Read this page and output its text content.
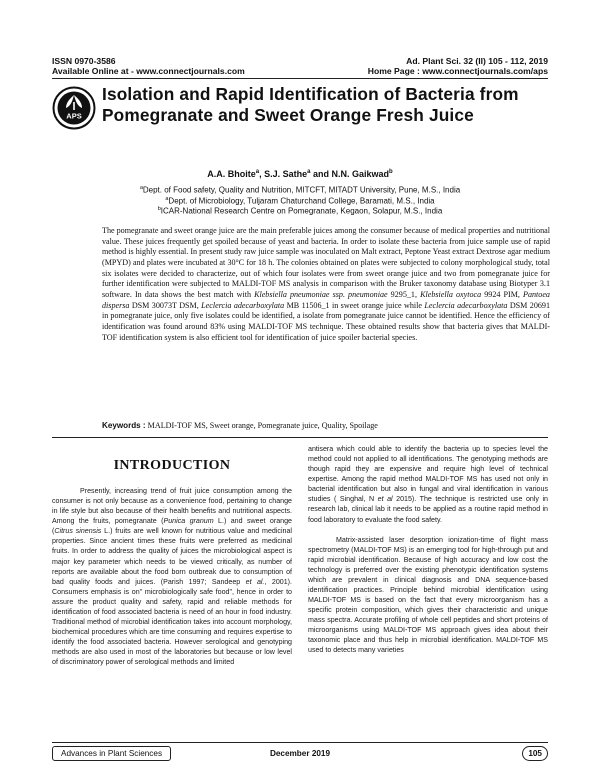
ISSN 0970-3586
Available Online at - www.connectjournals.com
Ad. Plant Sci. 32 (II) 105 - 112, 2019
Home Page : www.connectjournals.com/aps
APS
Isolation and Rapid Identification of Bacteria from Pomegranate and Sweet Orange Fresh Juice
A.A. Bhoite$^a$, S.J. Sathe$^a$ and N.N. Gaikwad$^b$
$^a$Dept. of Food safety, Quality and Nutrition, MITCFT, MITADT University, Pune, M.S., India
$^a$Dept. of Microbiology, Tuljaram Chaturchand College, Baramati, M.S., India
$^b$ICAR-National Research Centre on Pomegranate, Kegaon, Solapur, M.S., India
The pomegranate and sweet orange juice are the main preferable juices among the consumer because of medical properties and nutritional value. These juices frequently get spoiled because of yeast and bacteria. In order to isolate these bacteria from juice sample use of rapid method is highly essential. In present study raw juice sample was inoculated on Malt extract, Peptone Yeast extract Dextrose agar medium (MPYD) and plates were incubated at 30°C for 18 h. The colonies obtained on plates were subjected to colony morphological study, total six isolates were decided to characterize, out of which four isolates were from sweet orange juice and two from pomegranate juice for further identification were subjected to MALDI-TOF MS analysis in comparison with the Bruker taxonomy database using Biotyper 3.1 software. In data shows the best match with Klebsiella pneumoniae ssp. pneumoniae 9295_1, Klebsiella oxytoca 9924 PIM, Pantoea dispersa DSM 30073T DSM, Leclercia adecarboxylata MB 11506_1 in sweet orange juice while Leclercia adecarboxylata DSM 20691 in pomegranate juice, only five isolates could be identified, a isolate from pomegranate juice cannot be identified. Hence the efficiency of identification was found around 83% using MALDI-TOF MS technique. These obtained results show that bacteria gives that MALDI-TOF identification system is also efficient tool for identification of juice spoiler bacterial species.
Keywords : MALDI-TOF MS, Sweet orange, Pomegranate juice, Quality, Spoilage
INTRODUCTION

Presently, increasing trend of fruit juice consumption among the consumer is not only because as a convenience food, pertaining to change in life style but also because of their health benefits and nutritional aspects. Among the fruits, pomegranate (Punica granum L.) and sweet orange (Citrus sinensis L.) fruits are well known for nutritious value and medicinal properties. Since ancient times these fruits were preferred as medicinal fruits. In order to address the quality of juices the microbiological aspect is major key parameter which needs to be viewed critically, as number of reports are available about the food born outbreak due to consumption of bad quality foods and juices. (Parish 1997; Sandeep et al., 2001). Consumers emphasis is on" microbiologically safe food", hence in order to assure the product quality and safety, rapid and reliable methods for identification of food associated bacteria is need of an hour in food industry. Traditional method of microbial identification takes into account morphology, biochemical procedures which are time consuming and requires expertise to identify the food associated bacteria. However serological and genotyping methods are also used in most of the laboratories but because or low level of discriminatory power of serological methods and limited

antisera which could able to identify the bacteria up to species level the method could not applied to all identifications. The genotyping methods are though rapid they are expensive and require high level of technical expertise. Among the rapid method MALDI-TOF MS has used not only in bacterial identification but also in fungal and viral identification in various studies ( Singhal, N et al 2015). The technique is restricted use only in research lab, clinical lab it needs to be applied as a routine rapid method in food laboratory to evaluate the food safety.

Matrix-assisted laser desorption ionization-time of flight mass spectrometry (MALDI-TOF MS) is an emerging tool for high-through put and rapid microbial identification. Because of high accuracy and low cost the technology is preferred over the existing phenotypic identification systems which are prevalent in clinical diagnosis and DNA sequence-based identification practices. Principle behind microbial identification using MALDI-TOF MS is based on the fact that every microorganism has a specific protein composition, which gives their characteristic and unique mass spectra. Accurate profiling of whole cell peptides and short proteins of microorganisms using MALDI-TOF MS approach gives idea about their taxonomic place and thus help in microbial identification. MALDI-TOF MS used to detects many varieties

Advances in Plant Sciences	December 2019	105
